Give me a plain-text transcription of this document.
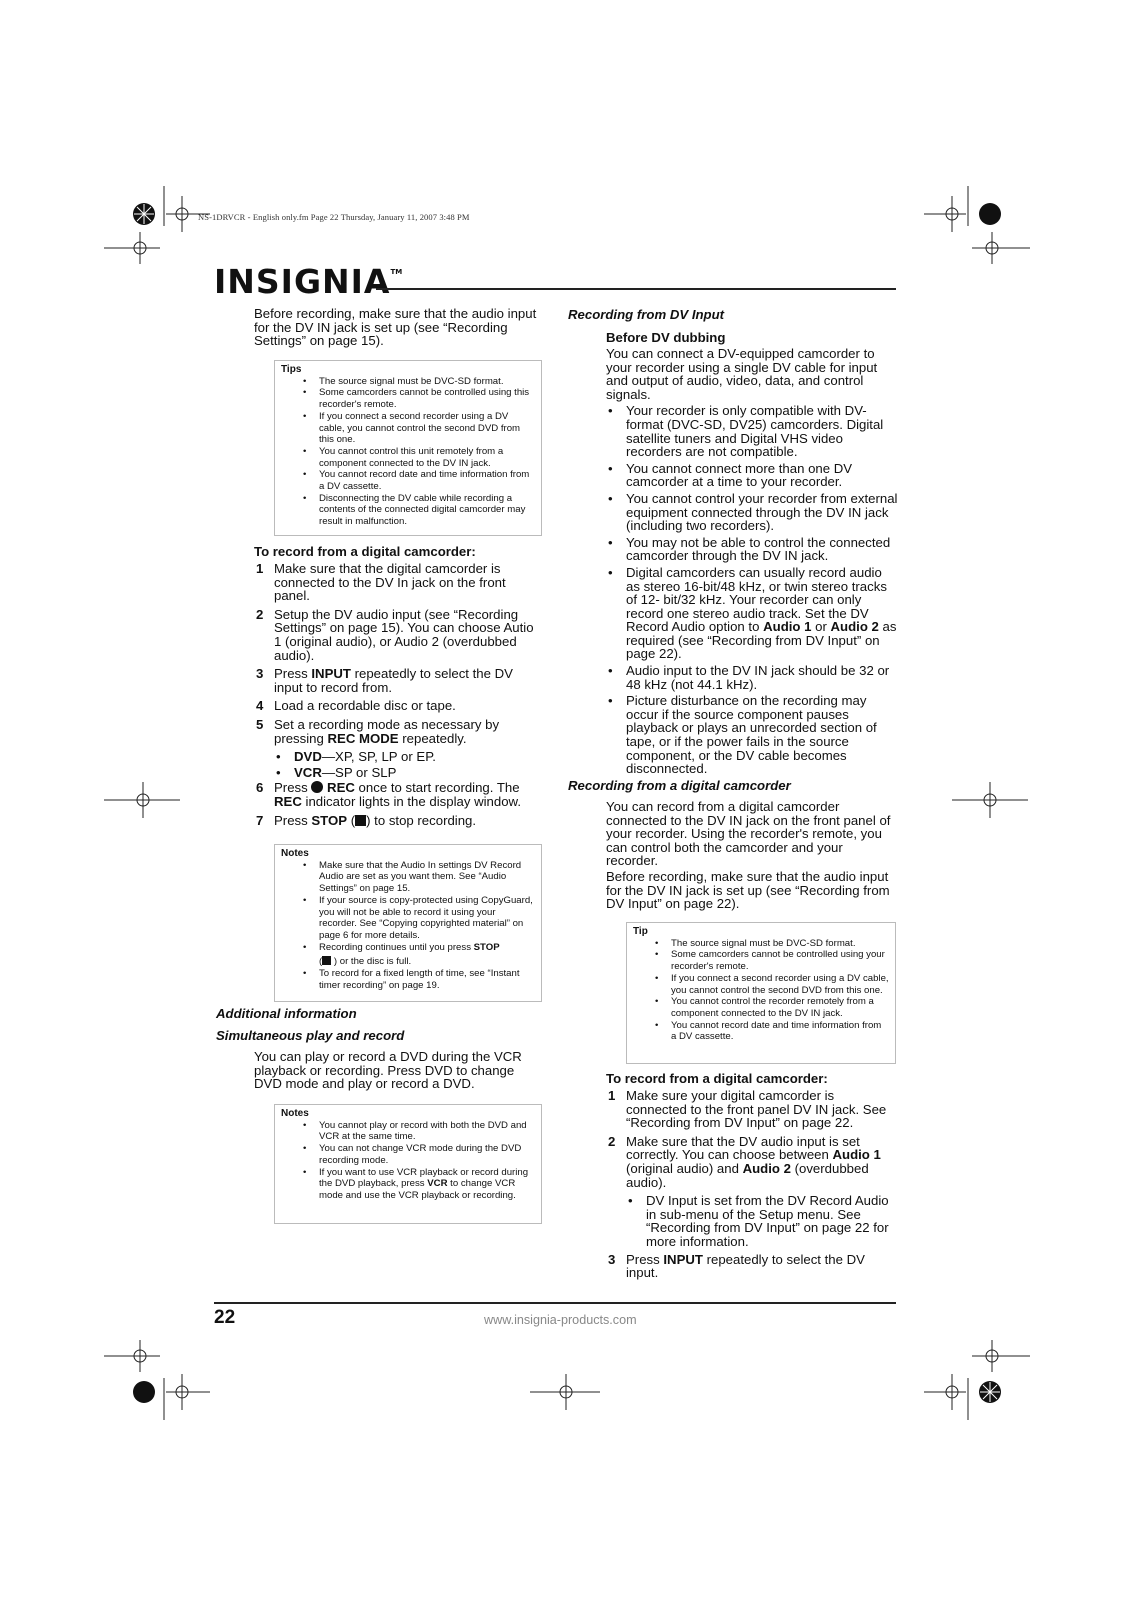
NS-1DRVCR - English only.fm Page 22 Thursday, January 11, 2007 3:48 PM
INSIGNIA™

Before recording, make sure that the audio input for the DV IN jack is set up (see “Recording Settings” on page 15).

Tips
• The source signal must be DVC-SD format.
• Some camcorders cannot be controlled using this recorder's remote.
• If you connect a second recorder using a DV cable, you cannot control the second DVD from this one.
• You cannot control this unit remotely from a component connected to the DV IN jack.
• You cannot record date and time information from a DV cassette.
• Disconnecting the DV cable while recording a contents of the connected digital camcorder may result in malfunction.
To record from a digital camcorder:
1 Make sure that the digital camcorder is connected to the DV In jack on the front panel.
2 Setup the DV audio input (see “Recording Settings” on page 15). You can choose Autio 1 (original audio), or Audio 2 (overdubbed audio).
3 Press INPUT repeatedly to select the DV input to record from.
4 Load a recordable disc or tape.
5 Set a recording mode as necessary by pressing REC MODE repeatedly.
• DVD—XP, SP, LP or EP.
• VCR—SP or SLP
6 Press  REC once to start recording. The REC indicator lights in the display window.
7 Press STOP ( ) to stop recording.
Notes
• Make sure that the Audio In settings DV Record Audio are set as you want them. See “Audio Settings” on page 15.
• If your source is copy-protected using CopyGuard, you will not be able to record it using your recorder. See “Copying copyrighted material” on page 6 for more details.
• Recording continues until you press STOP
( ) or the disc is full.
• To record for a fixed length of time, see “Instant timer recording” on page 19.
Additional information
Simultaneous play and record
You can play or record a DVD during the VCR playback or recording. Press DVD to change DVD mode and play or record a DVD.
Notes
• You cannot play or record with both the DVD and VCR at the same time.
• You can not change VCR mode during the DVD recording mode.
• If you want to use VCR playback or record during the DVD playback, press VCR to change VCR mode and use the VCR playback or recording.
Recording from DV Input
Before DV dubbing

You can connect a DV-equipped camcorder to your recorder using a single DV cable for input and output of audio, video, data, and control signals.

• Your recorder is only compatible with DV-format (DVC-SD, DV25) camcorders. Digital satellite tuners and Digital VHS video recorders are not compatible.
• You cannot connect more than one DV camcorder at a time to your recorder.
• You cannot control your recorder from external equipment connected through the DV IN jack (including two recorders).
• You may not be able to control the connected camcorder through the DV IN jack.
• Digital camcorders can usually record audio as stereo 16-bit/48 kHz, or twin stereo tracks of 12- bit/32 kHz. Your recorder can only record one stereo audio track. Set the DV Record Audio option to Audio 1 or Audio 2 as required (see “Recording from DV Input” on page 22).
• Audio input to the DV IN jack should be 32 or 48 kHz (not 44.1 kHz).
• Picture disturbance on the recording may occur if the source component pauses playback or plays an unrecorded section of tape, or if the power fails in the source component, or the DV cable becomes disconnected.
Recording from a digital camcorder

You can record from a digital camcorder connected to the DV IN jack on the front panel of your recorder. Using the recorder's remote, you can control both the camcorder and your recorder.

Before recording, make sure that the audio input for the DV IN jack is set up (see “Recording from DV Input” on page 22).

Tip
• The source signal must be DVC-SD format.
• Some camcorders cannot be controlled using your recorder's remote.
• If you connect a second recorder using a DV cable, you cannot control the second DVD from this one.
• You cannot control the recorder remotely from a component connected to the DV IN jack.
• You cannot record date and time information from a DV cassette.
To record from a digital camcorder:
1 Make sure your digital camcorder is connected to the front panel DV IN jack. See “Recording from DV Input” on page 22.
2 Make sure that the DV audio input is set correctly. You can choose between Audio 1 (original audio) and Audio 2 (overdubbed audio).
• DV Input is set from the DV Record Audio in sub-menu of the Setup menu. See “Recording from DV Input” on page 22 for more information.
3 Press INPUT repeatedly to select the DV input.
22	www.insignia-products.com
